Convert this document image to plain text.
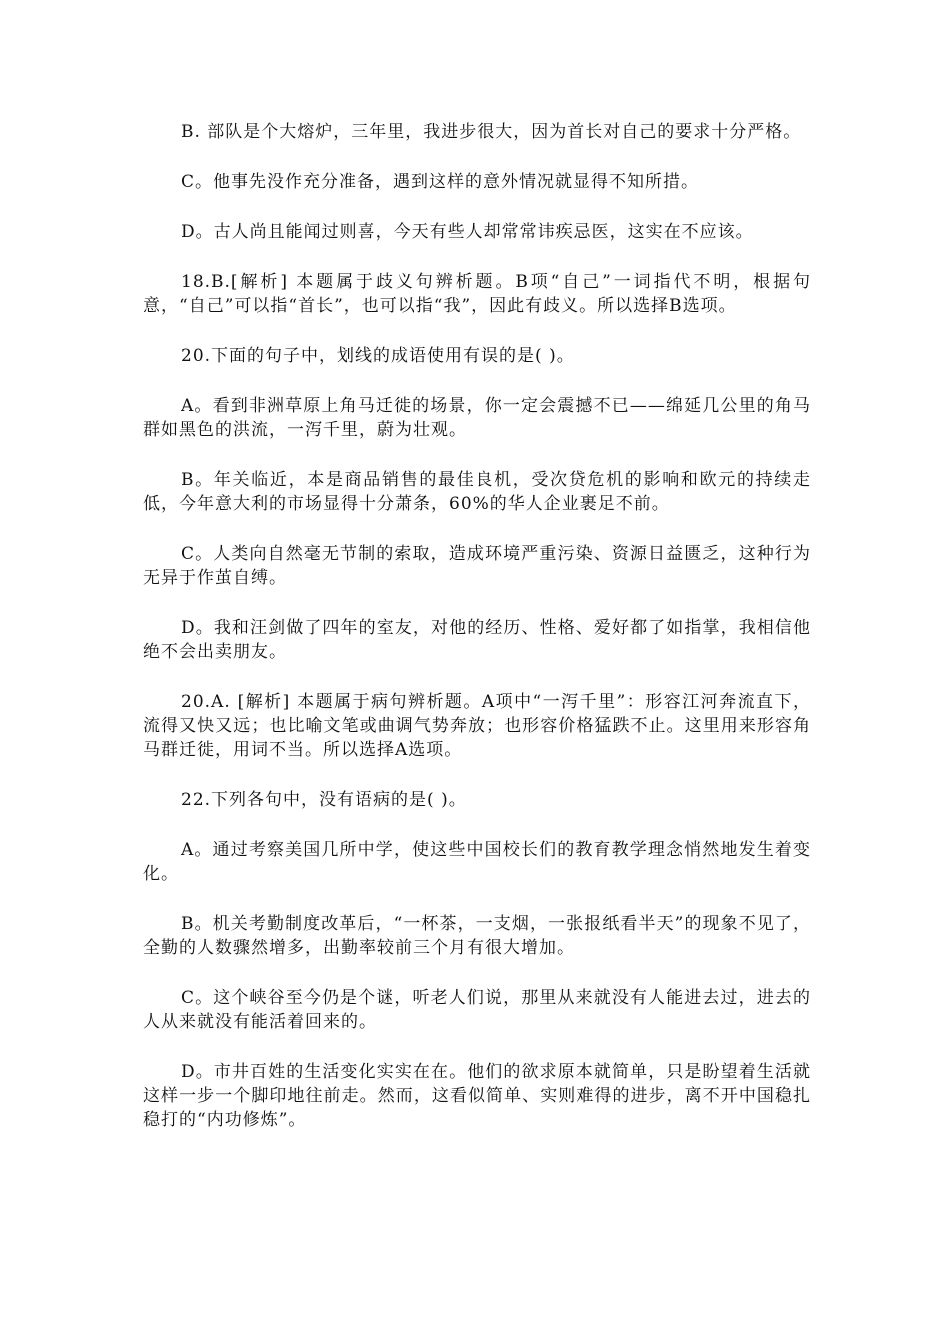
B. 部队是个大熔炉，三年里，我进步很大，因为首长对自己的要求十分严格。

C。他事先没作充分准备，遇到这样的意外情况就显得不知所措。

D。古人尚且能闻过则喜，今天有些人却常常讳疾忌医，这实在不应该。

18.B.[解析] 本题属于歧义句辨析题。B项“自己”一词指代不明，根据句意，“自己”可以指“首长”，也可以指“我”，因此有歧义。所以选择B选项。

20.下面的句子中，划线的成语使用有误的是( )。

A。看到非洲草原上角马迁徙的场景，你一定会震撼不已——绵延几公里的角马群如黑色的洪流，一泻千里，蔚为壮观。

B。年关临近，本是商品销售的最佳良机，受次贷危机的影响和欧元的持续走低，今年意大利的市场显得十分萧条，60%的华人企业裹足不前。

C。人类向自然毫无节制的索取，造成环境严重污染、资源日益匮乏，这种行为无异于作茧自缚。

D。我和汪剑做了四年的室友，对他的经历、性格、爱好都了如指掌，我相信他绝不会出卖朋友。

20.A. [解析] 本题属于病句辨析题。A项中“一泻千里”：形容江河奔流直下，流得又快又远；也比喻文笔或曲调气势奔放；也形容价格猛跌不止。这里用来形容角马群迁徙，用词不当。所以选择A选项。

22.下列各句中，没有语病的是( )。

A。通过考察美国几所中学，使这些中国校长们的教育教学理念悄然地发生着变化。

B。机关考勤制度改革后，“一杯茶，一支烟，一张报纸看半天”的现象不见了，全勤的人数骤然增多，出勤率较前三个月有很大增加。

C。这个峡谷至今仍是个谜，听老人们说，那里从来就没有人能进去过，进去的人从来就没有能活着回来的。

D。市井百姓的生活变化实实在在。他们的欲求原本就简单，只是盼望着生活就这样一步一个脚印地往前走。然而，这看似简单、实则难得的进步，离不开中国稳扎稳打的“内功修炼”。
